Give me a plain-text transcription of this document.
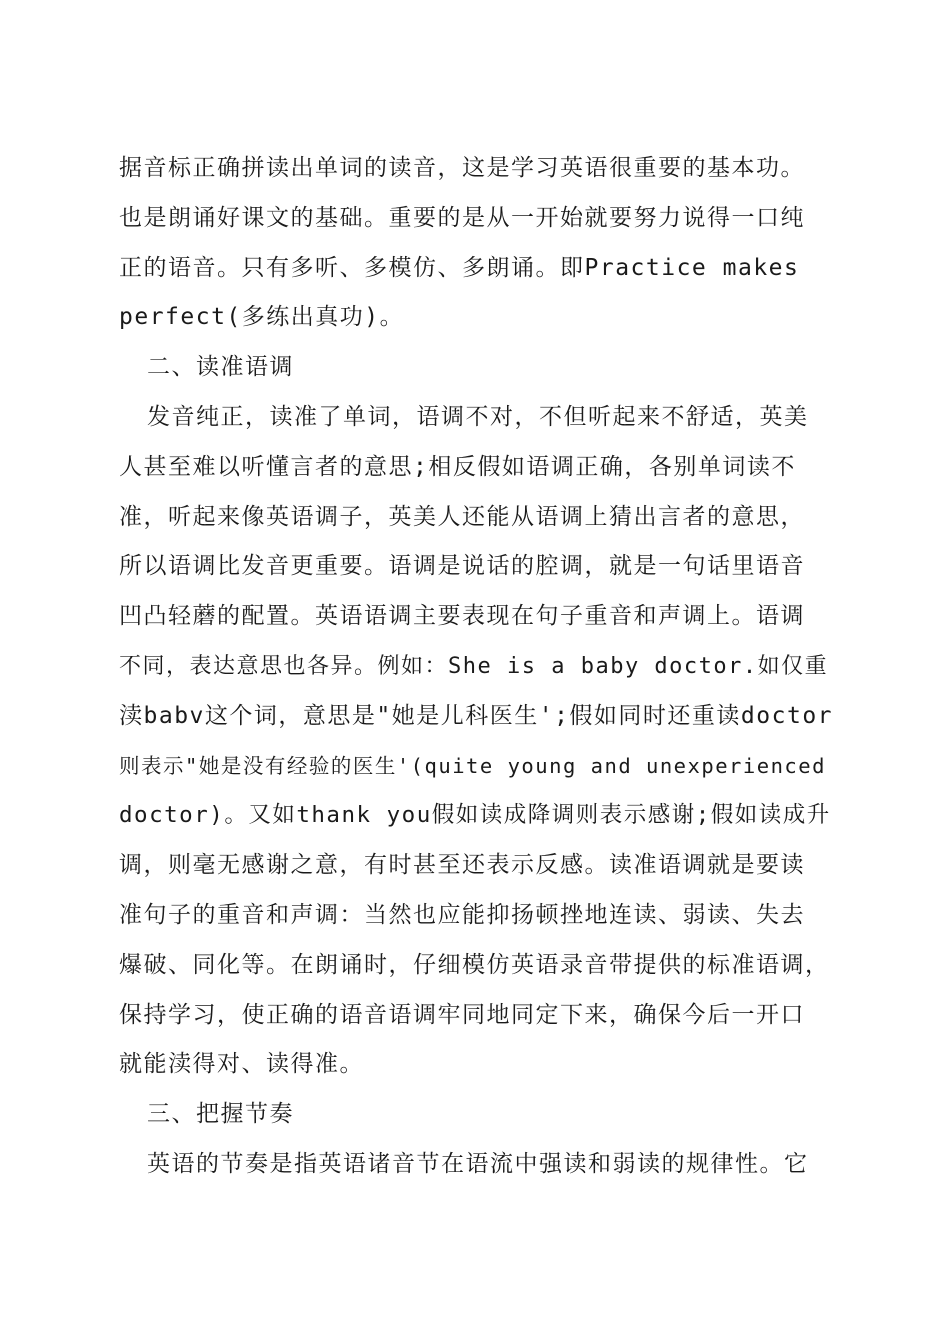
据音标正确拼读出单词的读音，这是学习英语很重要的基本功。
也是朗诵好课文的基础。重要的是从一开始就要努力说得一口纯
正的语音。只有多听、多模仿、多朗诵。即Practice makes
perfect(多练出真功)。
二、读准语调
发音纯正，读准了单词，语调不对，不但听起来不舒适，英美
人甚至难以听懂言者的意思;相反假如语调正确，各别单词读不
准，听起来像英语调子，英美人还能从语调上猜出言者的意思，
所以语调比发音更重要。语调是说话的腔调，就是一句话里语音
凹凸轻蘑的配置。英语语调主要表现在句子重音和声调上。语调
不同，表达意思也各异。例如：She is a baby doctor.如仅重
渎babv这个词，意思是"她是儿科医生';假如同时还重读doctor
则表示"她是没有经验的医生'(quite young and unexperienced
doctor)。又如thank you假如读成降调则表示感谢;假如读成升
调，则毫无感谢之意，有时甚至还表示反感。读准语调就是要读
准句子的重音和声调：当然也应能抑扬顿挫地连读、弱读、失去
爆破、同化等。在朗诵时，仔细模仿英语录音带提供的标准语调，
保持学习，使正确的语音语调牢同地同定下来，确保今后一开口
就能渎得对、读得准。
三、把握节奏
英语的节奏是指英语诸音节在语流中强读和弱读的规律性。它
